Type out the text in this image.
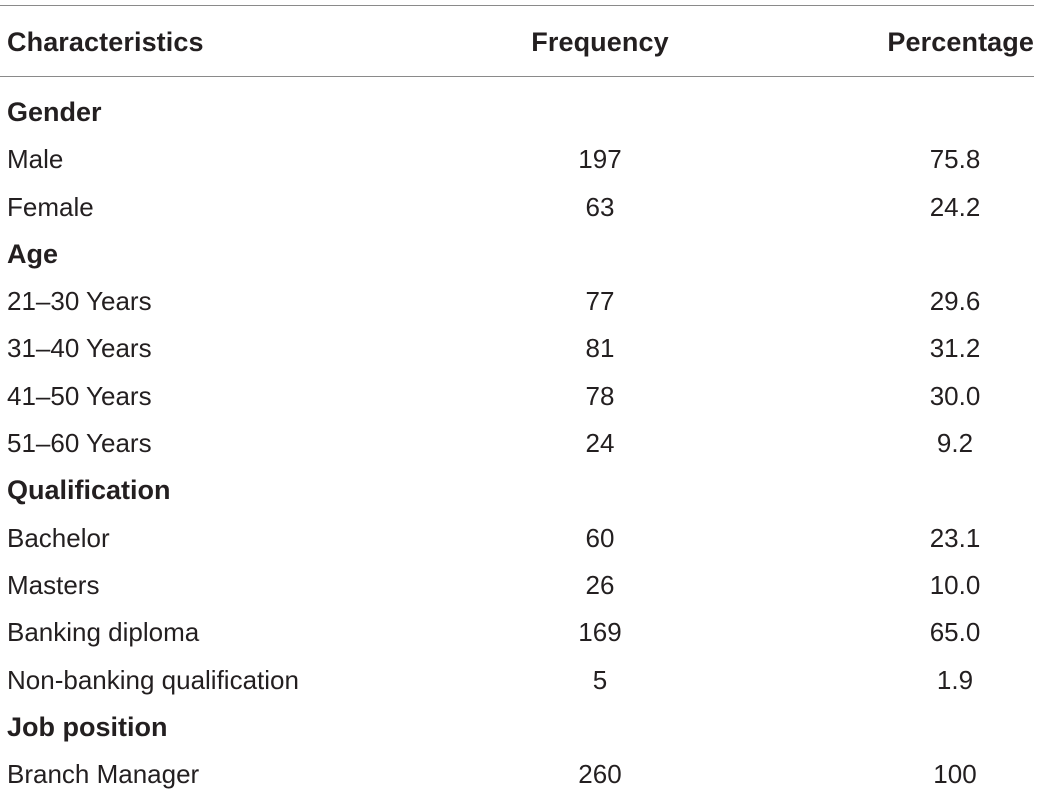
Characteristics	Frequency	Percentage
Gender
Male	197	75.8
Female	63	24.2
Age
21–30 Years	77	29.6
31–40 Years	81	31.2
41–50 Years	78	30.0
51–60 Years	24	9.2
Qualification
Bachelor	60	23.1
Masters	26	10.0
Banking diploma	169	65.0
Non-banking qualification	5	1.9
Job position
Branch Manager	260	100
